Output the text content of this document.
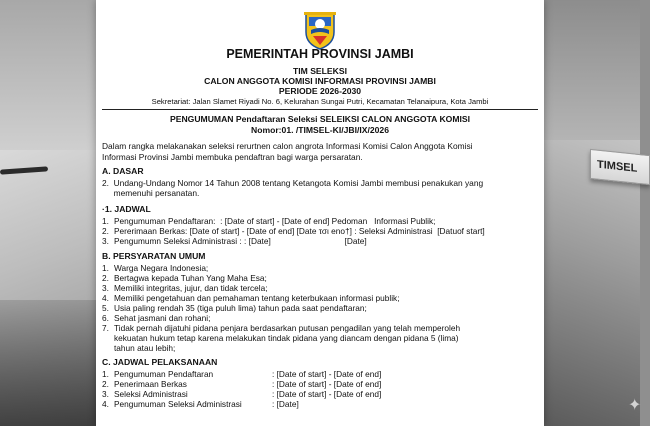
TIMSEL
✦
PEMERINTAH PROVINSI JAMBI
TIM SELEKSI
CALON ANGGOTA KOMISI INFORMASI PROVINSI JAMBI
PERIODE 2026-2030
Sekretariat: Jalan Slamet Riyadi No. 6, Kelurahan Sungai Putri, Kecamatan Telanaipura, Kota Jambi
PENGUMUMAN Pendaftaran Seleksi SELEIKSI CALON ANGGOTA KOMISI
Nomor:01. /TIMSEL-KI/JBI/IX/2026
Dalam rangka melakanakan seleksi rerurtnen calon angrota Informasi Komisi Calon Anggota Komisi
Informasi Provinsi Jambi membuka pendaftran bagi warga persaratan.
A. DASAR
2.  Undang-Undang Nomor 14 Tahun 2008 tentang Ketangota Komisi Jambi membusi penakukan yang
memenuhi persanatan.
·1. JADWAL
1. Pengumuman Pendaftaran:  : [Date of start] - [Date of end] Pedoman   Informasi Publik;
2. Pererimaan Berkas: [Date of start] - [Date of end] [Date τσι eno†] : Seleksi Administrasi  [Datuof start]
3. Pengumumn Seleksi Administrasi : : [Date]                                [Date]
B. PERSYARATAN UMUM
1. Warga Negara Indonesia;
2. Bertagwa kepada Tuhan Yang Maha Esa;
3. Memiliki integritas, jujur, dan tidak tercela;
4. Memiliki pengetahuan dan pemahaman tentang keterbukaan informasi publik;
5. Usia paling rendah 35 (tiga puluh lima) tahun pada saat pendaftaran;
6. Sehat jasmani dan rohani;
7. Tidak pernah dijatuhi pidana penjara berdasarkan putusan pengadilan yang telah memperoleh
kekuatan hukum tetap karena melakukan tindak pidana yang diancam dengan pidana 5 (lima)
tahun atau lebih;
C. JADWAL PELAKSANAAN
1. Pengumuman Pendaftaran	: [Date of start] - [Date of end]
2. Penerimaan Berkas	: [Date of start] - [Date of end]
3. Seleksi Administrasi	: [Date of start] - [Date of end]
4. Pengumuman Seleksi Administrasi	: [Date]
